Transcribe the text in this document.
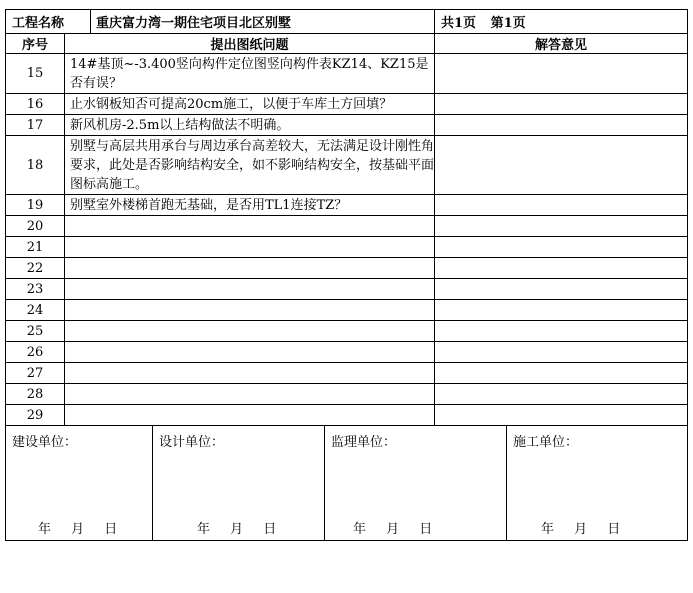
工程名称	重庆富力湾一期住宅项目北区别墅	共1页 第1页
序号	提出图纸问题	解答意见
15	14#基顶~-3.400竖向构件定位图竖向构件表KZ14、KZ15是否有误？	
16	止水钢板知否可提高20cm施工，以便于车库土方回填？	
17	新风机房-2.5m以上结构做法不明确。	
18	别墅与高层共用承台与周边承台高差较大，无法满足设计刚性角要求，此处是否影响结构安全，如不影响结构安全，按基础平面图标高施工。	
19	别墅室外楼梯首跑无基础，是否用TL1连接TZ？	
20		
21		
22		
23		
24		
25		
26		
27		
28		
29		
建设单位：
年 月 日

设计单位：
年 月 日

监理单位：
年 月 日

施工单位：
年 月 日
